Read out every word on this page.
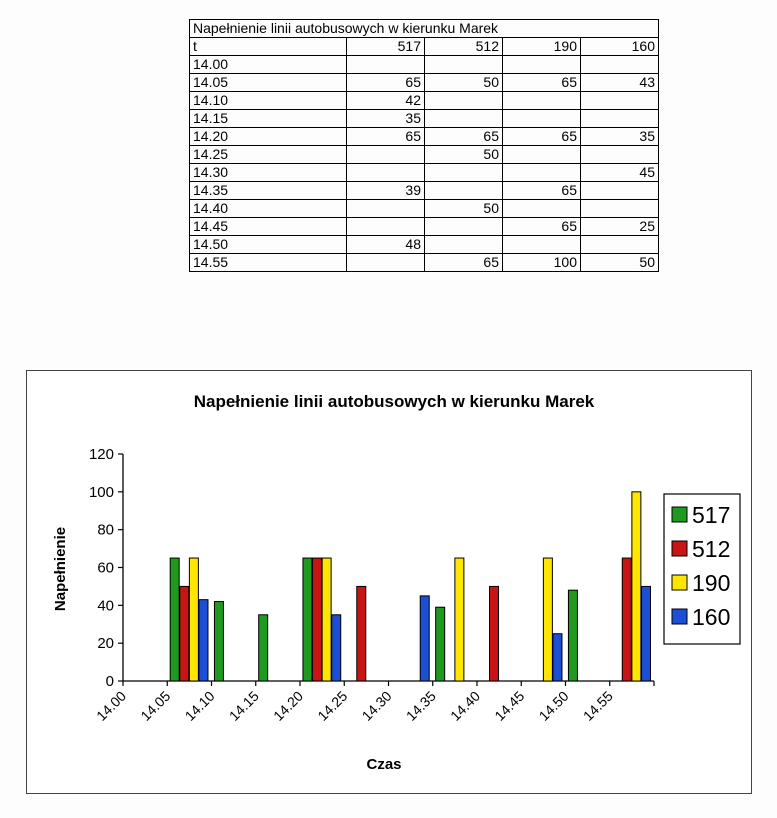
Napełnienie linii autobusowych w kierunku Marek				
t	517	512	190	160
14.00				
14.05	65	50	65	43
14.10	42			
14.15	35			
14.20	65	65	65	35
14.25		50		
14.30				45
14.35	39		65	
14.40		50		
14.45			65	25
14.50	48			
14.55		65	100	50
Napełnienie linii autobusowych w kierunku Marek
Napełnienie
Czas
0
20
40
60
80
100
120
14.00 14.05 14.10 14.15 14.20 14.25 14.30 14.35 14.40 14.45 14.50 14.55
517
512
190
160
